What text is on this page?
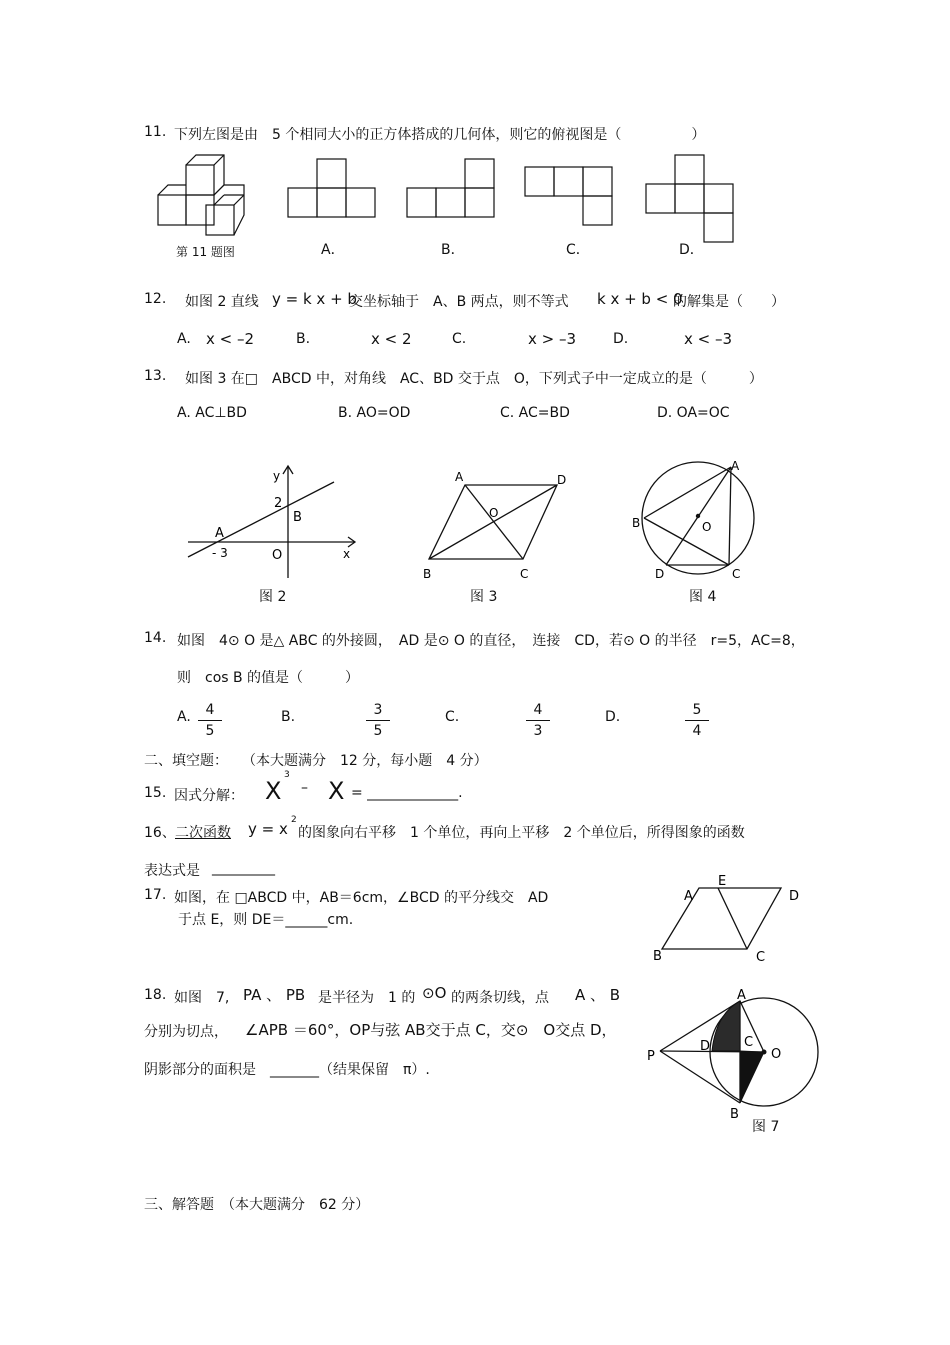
11. 下列左图是由　5 个相同大小的正方体搭成的几何体，则它的俯视图是（　　　　　）
第 11 题图	A．	B．	C．	D．
12. 如图 2 直线 y = k x + b
交坐标轴于　A、B 两点，则不等式 k x + b < 0
的解集是（　　）
A. x < –2	B.	x < 2	C.	x > –3	D.	x < –3
13. 如图 3 在□　ABCD 中，对角线　AC、BD 交于点　O，下列式子中一定成立的是（　　　）
A. AC⊥BD	B. AO=OD	C. AC=BD	D. OA=OC
y
x
2
B
A
- 3	O
图 2
A	D
O
B	C
图 3
A
B	O
D	C
图 4
14. 如图　4⊙ O 是△ ABC 的外接圆，　AD 是⊙ O 的直径，　连接　CD，若⊙ O 的半径　r=5，AC=8，
则　cos B 的值是（　　　）
A. $\frac{4}{5}$	B.	$\frac{3}{5}$	C.	$\frac{4}{3}$	D.	$\frac{5}{4}$
二、填空题：　　（本大题满分　12 分，每小题　4 分）
15. 因式分解： X
3
– X = _____________.
16、 二次函数 y = x 2
的图象向右平移　1 个单位，再向上平移　2 个单位后，所得图象的函数
表达式是 _________
17. 如图，在 □ABCD 中，AB＝6cm，∠BCD 的平分线交　AD
于点 E，则 DE＝______cm.
A
E
D
B	C
18. 如图　7, PA 、 PB 是半径为　1 的 ⊙O 的两条切线，点 A 、 B
分别为切点， ∠APB ＝60°，OP与弦 AB交于点 C，交⊙　O交点 D，
阴影部分的面积是　_______（结果保留　π）.
A
P
D	C
O
B
图 7
三、解答题　（本大题满分　62 分）
